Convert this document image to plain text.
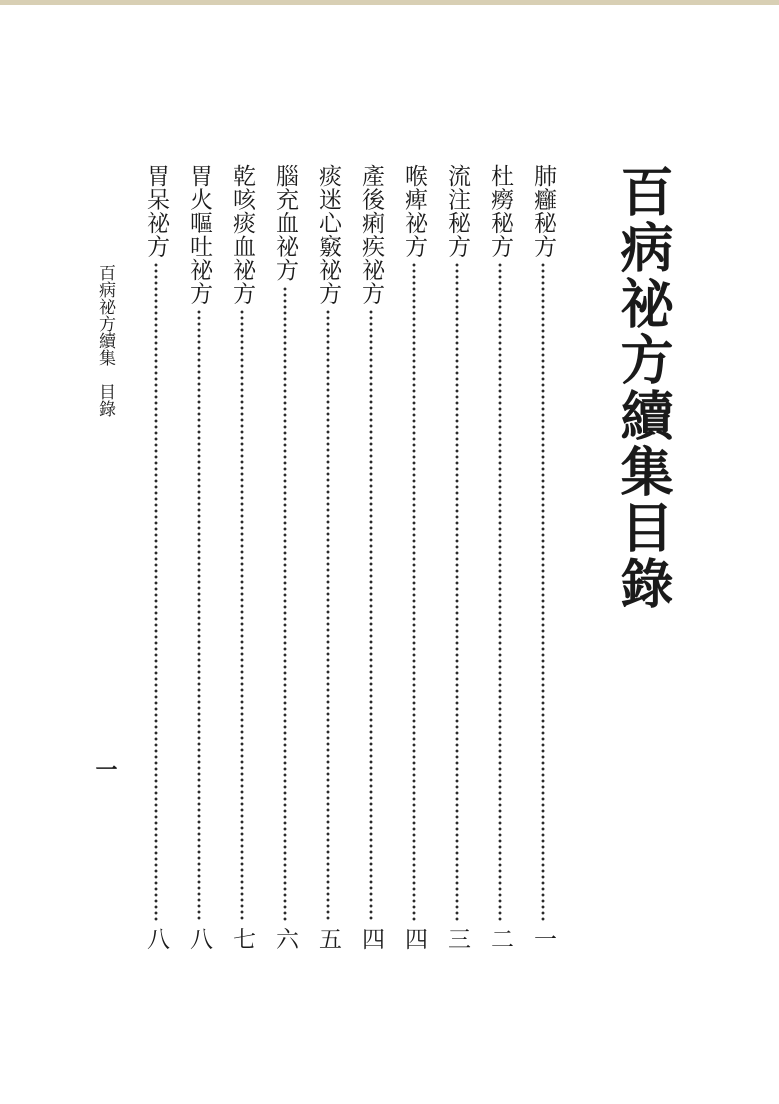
百病祕方續集目錄
肺癰秘方
一
杜癆秘方
二
流注秘方
三
喉痺祕方
四
產後痢疾祕方
四
痰迷心竅祕方
五
腦充血祕方
六
乾咳痰血祕方
七
胃火嘔吐祕方
八
胃呆祕方
八
百病祕方續集　目錄
一
